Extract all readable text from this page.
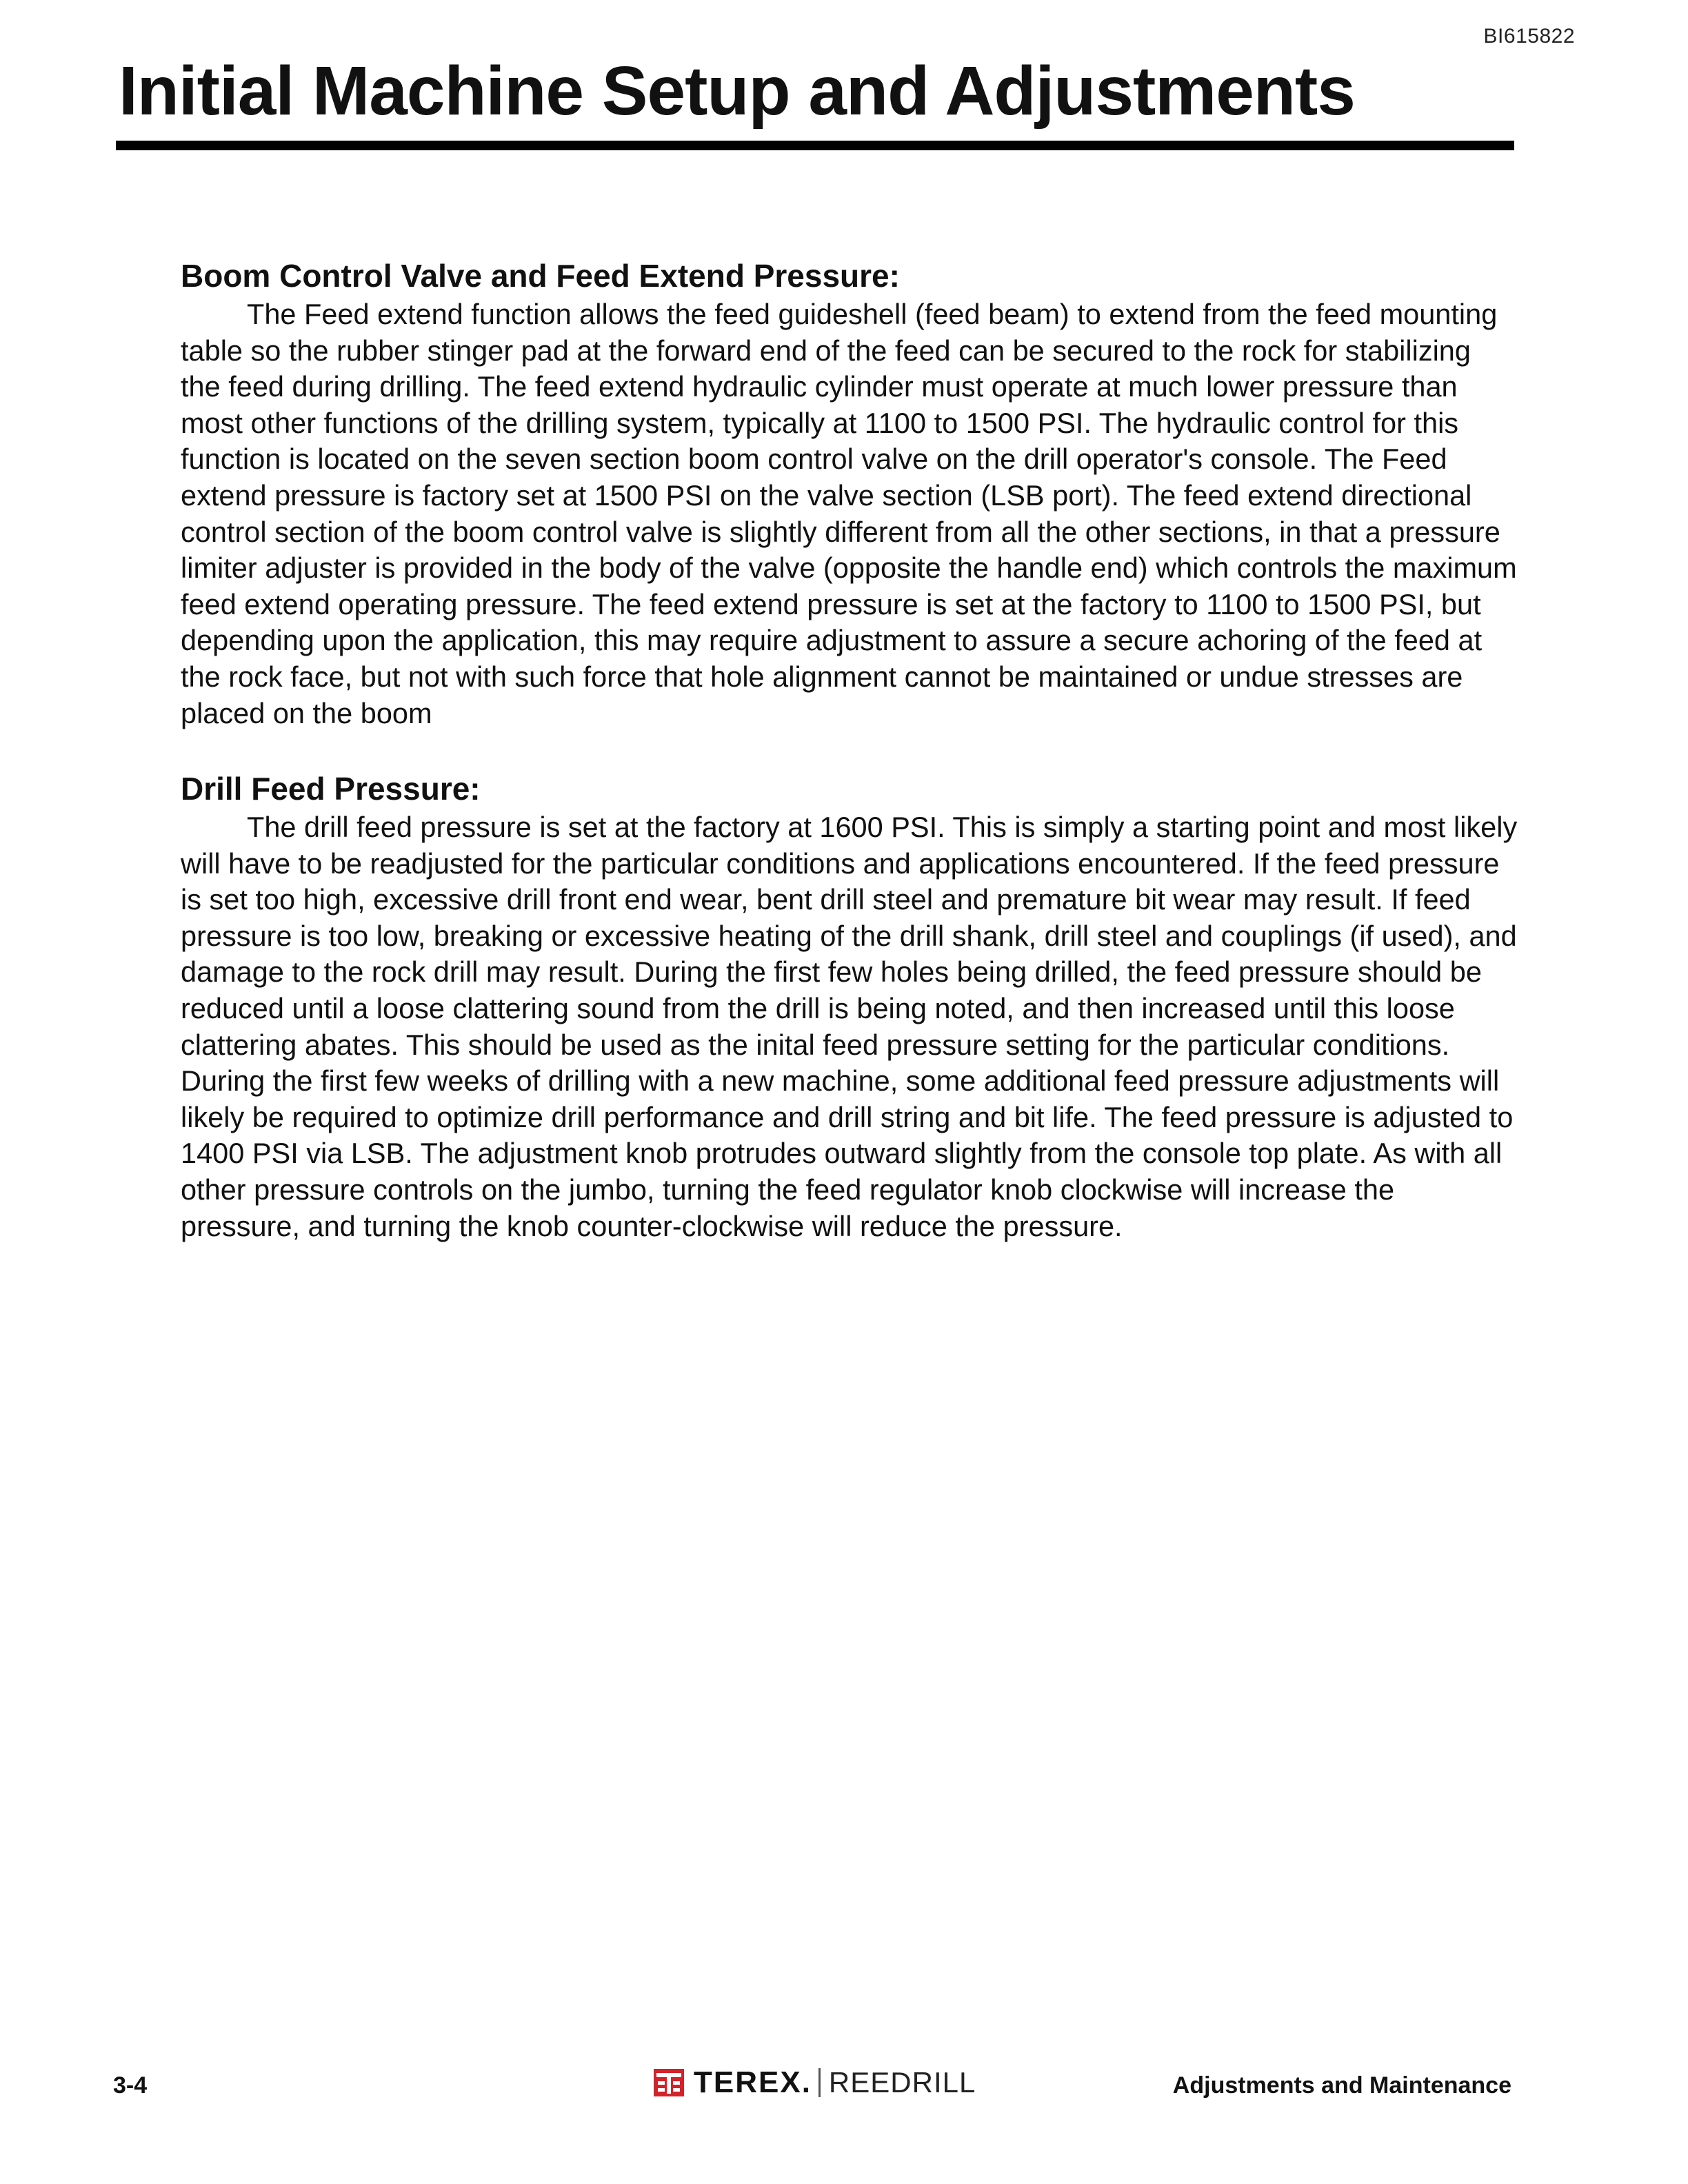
BI615822
Initial Machine Setup and Adjustments
Boom Control Valve and Feed Extend Pressure:

The Feed extend function allows the feed guideshell (feed beam) to extend from the feed mounting table so the rubber stinger pad at the forward end of the feed can be secured to the rock for stabilizing the feed during drilling. The feed extend hydraulic cylinder must operate at much lower pressure than most other functions of the drilling system, typically at 1100 to 1500 PSI. The hydraulic control for this function is located on the seven section boom control valve on the drill operator's console. The Feed extend pressure is factory set at 1500 PSI on the valve section (LSB port). The feed extend directional control section of the boom control valve is slightly different from all the other sections, in that a pressure limiter adjuster is provided in the body of the valve (opposite the handle end) which controls the maximum feed extend operating pressure. The feed extend pressure is set at the factory to 1100 to 1500 PSI, but depending upon the application, this may require adjustment to assure a secure achoring of the feed at the rock face, but not with such force that hole alignment cannot be maintained or undue stresses are placed on the boom

Drill Feed Pressure:

The drill feed pressure is set at the factory at 1600 PSI. This is simply a starting point and most likely will have to be readjusted for the particular conditions and applications encountered. If the feed pressure is set too high, excessive drill front end wear, bent drill steel and premature bit wear may result. If feed pressure is too low, breaking or excessive heating of the drill shank, drill steel and couplings (if used), and damage to the rock drill may result. During the first few holes being drilled, the feed pressure should be reduced until a loose clattering sound from the drill is being noted, and then increased until this loose clattering abates. This should be used as the inital feed pressure setting for the particular conditions. During the first few weeks of drilling with a new machine, some additional feed pressure adjustments will likely be required to optimize drill performance and drill string and bit life. The feed pressure is adjusted to 1400 PSI via LSB. The adjustment knob protrudes outward slightly from the console top plate. As with all other pressure controls on the jumbo, turning the feed regulator knob clockwise will increase the pressure, and turning the knob counter-clockwise will reduce the pressure.

3-4	TEREX. REEDRILL	Adjustments and Maintenance
